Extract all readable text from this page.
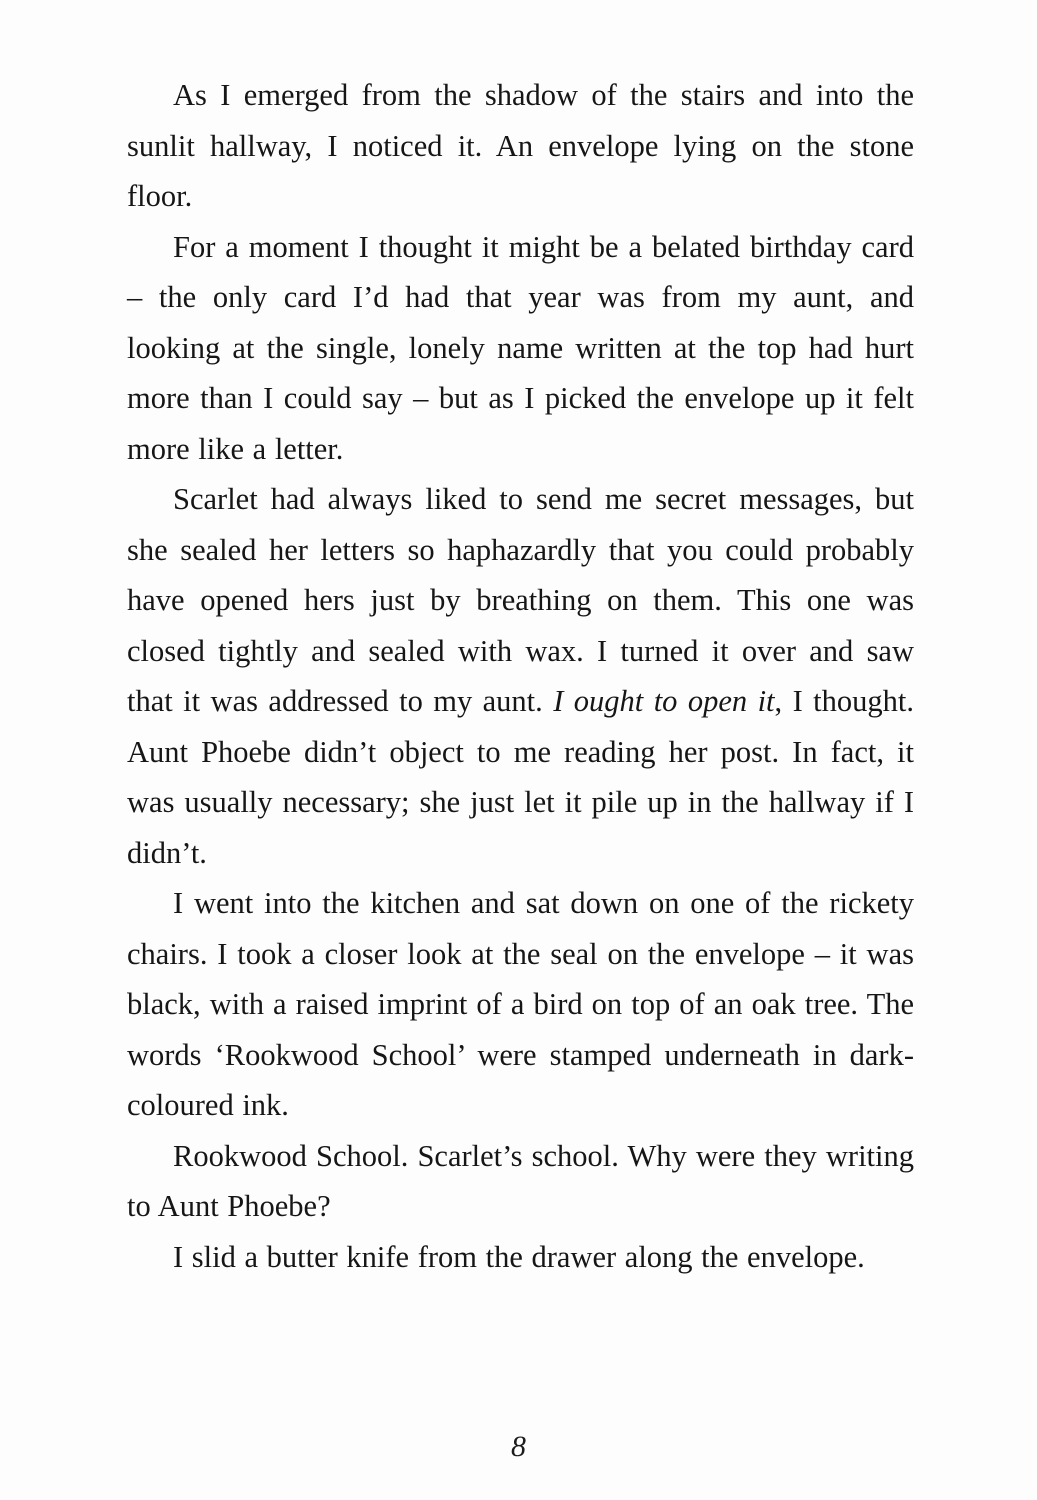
As I emerged from the shadow of the stairs and into the sunlit hallway, I noticed it. An envelope lying on the stone floor.

For a moment I thought it might be a belated birthday card – the only card I’d had that year was from my aunt, and looking at the single, lonely name written at the top had hurt more than I could say – but as I picked the envelope up it felt more like a letter.

Scarlet had always liked to send me secret messages, but she sealed her letters so haphazardly that you could probably have opened hers just by breathing on them. This one was closed tightly and sealed with wax. I turned it over and saw that it was addressed to my aunt. I ought to open it, I thought. Aunt Phoebe didn’t object to me reading her post. In fact, it was usually necessary; she just let it pile up in the hallway if I didn’t.

I went into the kitchen and sat down on one of the rickety chairs. I took a closer look at the seal on the envelope – it was black, with a raised imprint of a bird on top of an oak tree. The words ‘Rookwood School’ were stamped underneath in dark-coloured ink.

Rookwood School. Scarlet’s school. Why were they writing to Aunt Phoebe?

I slid a butter knife from the drawer along the envelope.

8
